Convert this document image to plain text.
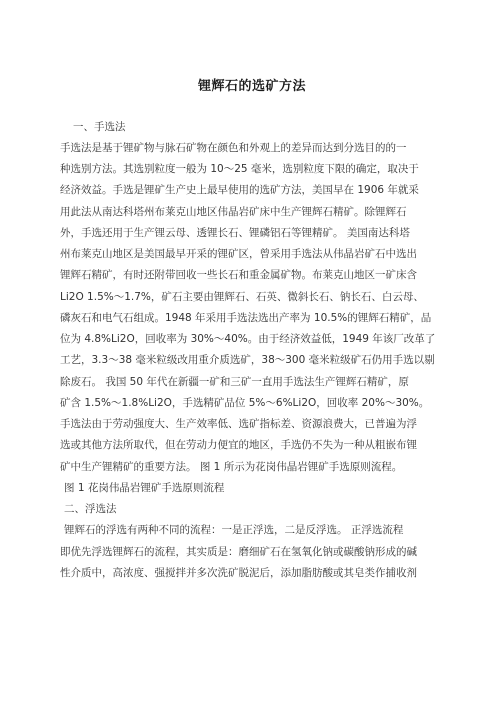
锂辉石的选矿方法
一、手选法
手选法是基于锂矿物与脉石矿物在颜色和外观上的差异而达到分选目的的一
种选别方法。其选别粒度一般为 10～25 毫米，选别粒度下限的确定，取决于
经济效益。手选是锂矿生产史上最早使用的选矿方法，美国早在 1906 年就采
用此法从南达科塔州布莱克山地区伟晶岩矿床中生产锂辉石精矿。除锂辉石
外，手选还用于生产锂云母、透锂长石、锂磷铝石等锂精矿。 美国南达科塔
州布莱克山地区是美国最早开采的锂矿区，曾采用手选法从伟晶岩矿石中选出
锂辉石精矿，有时还附带回收一些长石和重金属矿物。布莱克山地区一矿床含
Li2O 1.5%～1.7%，矿石主要由锂辉石、石英、微斜长石、钠长石、白云母、
磷灰石和电气石组成。1948 年采用手选法选出产率为 10.5%的锂辉石精矿，品
位为 4.8%Li2O，回收率为 30%～40%。由于经济效益低，1949 年该厂改革了
工艺，3.3～38 毫米粒级改用重介质选矿，38～300 毫米粒级矿石仍用手选以剔
除废石。 我国 50 年代在新疆一矿和三矿一直用手选法生产锂辉石精矿，原
矿含 1.5%～1.8%Li2O，手选精矿品位 5%～6%Li2O，回收率 20%～30%。
手选法由于劳动强度大、生产效率低、选矿指标差、资源浪费大，已普遍为浮
选或其他方法所取代，但在劳动力便宜的地区，手选仍不失为一种从粗嵌布锂
矿中生产锂精矿的重要方法。 图 1 所示为花岗伟晶岩锂矿手选原则流程。
图 1 花岗伟晶岩锂矿手选原则流程
二、浮选法
锂辉石的浮选有两种不同的流程：一是正浮选，二是反浮选。 正浮选流程
即优先浮选锂辉石的流程，其实质是：磨细矿石在氢氧化钠或碳酸钠形成的碱
性介质中，高浓度、强搅拌并多次洗矿脱泥后，添加脂肪酸或其皂类作捕收剂
